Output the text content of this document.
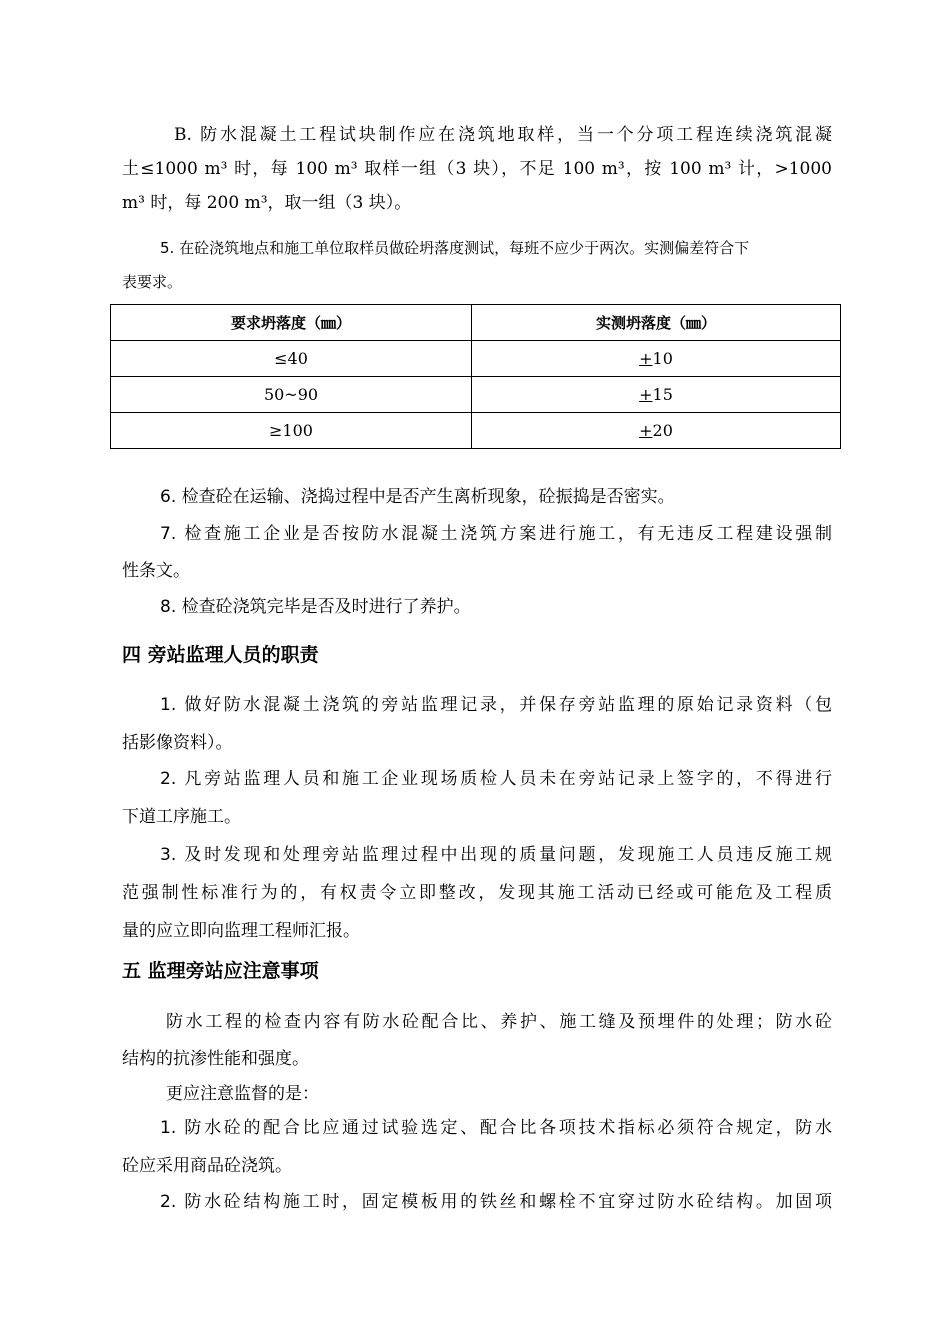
B. 防水混凝土工程试块制作应在浇筑地取样，当一个分项工程连续浇筑混凝
土≤1000 m³ 时，每 100 m³ 取样一组（3 块），不足 100 m³，按 100 m³ 计，>1000
m³ 时，每 200 m³，取一组（3 块）。
5. 在砼浇筑地点和施工单位取样员做砼坍落度测试，每班不应少于两次。实测偏差符合下
表要求。
要求坍落度（㎜）	实测坍落度（㎜）
≤40	+10
50~90	+15
≥100	+20
6. 检查砼在运输、浇捣过程中是否产生离析现象，砼振捣是否密实。
7. 检查施工企业是否按防水混凝土浇筑方案进行施工，有无违反工程建设强制
性条文。
8. 检查砼浇筑完毕是否及时进行了养护。
四 旁站监理人员的职责
1. 做好防水混凝土浇筑的旁站监理记录，并保存旁站监理的原始记录资料（包
括影像资料）。
2. 凡旁站监理人员和施工企业现场质检人员未在旁站记录上签字的，不得进行
下道工序施工。
3. 及时发现和处理旁站监理过程中出现的质量问题，发现施工人员违反施工规
范强制性标准行为的，有权责令立即整改，发现其施工活动已经或可能危及工程质
量的应立即向监理工程师汇报。
五 监理旁站应注意事项
防水工程的检查内容有防水砼配合比、养护、施工缝及预埋件的处理；防水砼
结构的抗渗性能和强度。
更应注意监督的是：
1. 防水砼的配合比应通过试验选定、配合比各项技术指标必须符合规定，防水
砼应采用商品砼浇筑。
2. 防水砼结构施工时，固定模板用的铁丝和螺栓不宜穿过防水砼结构。加固项
